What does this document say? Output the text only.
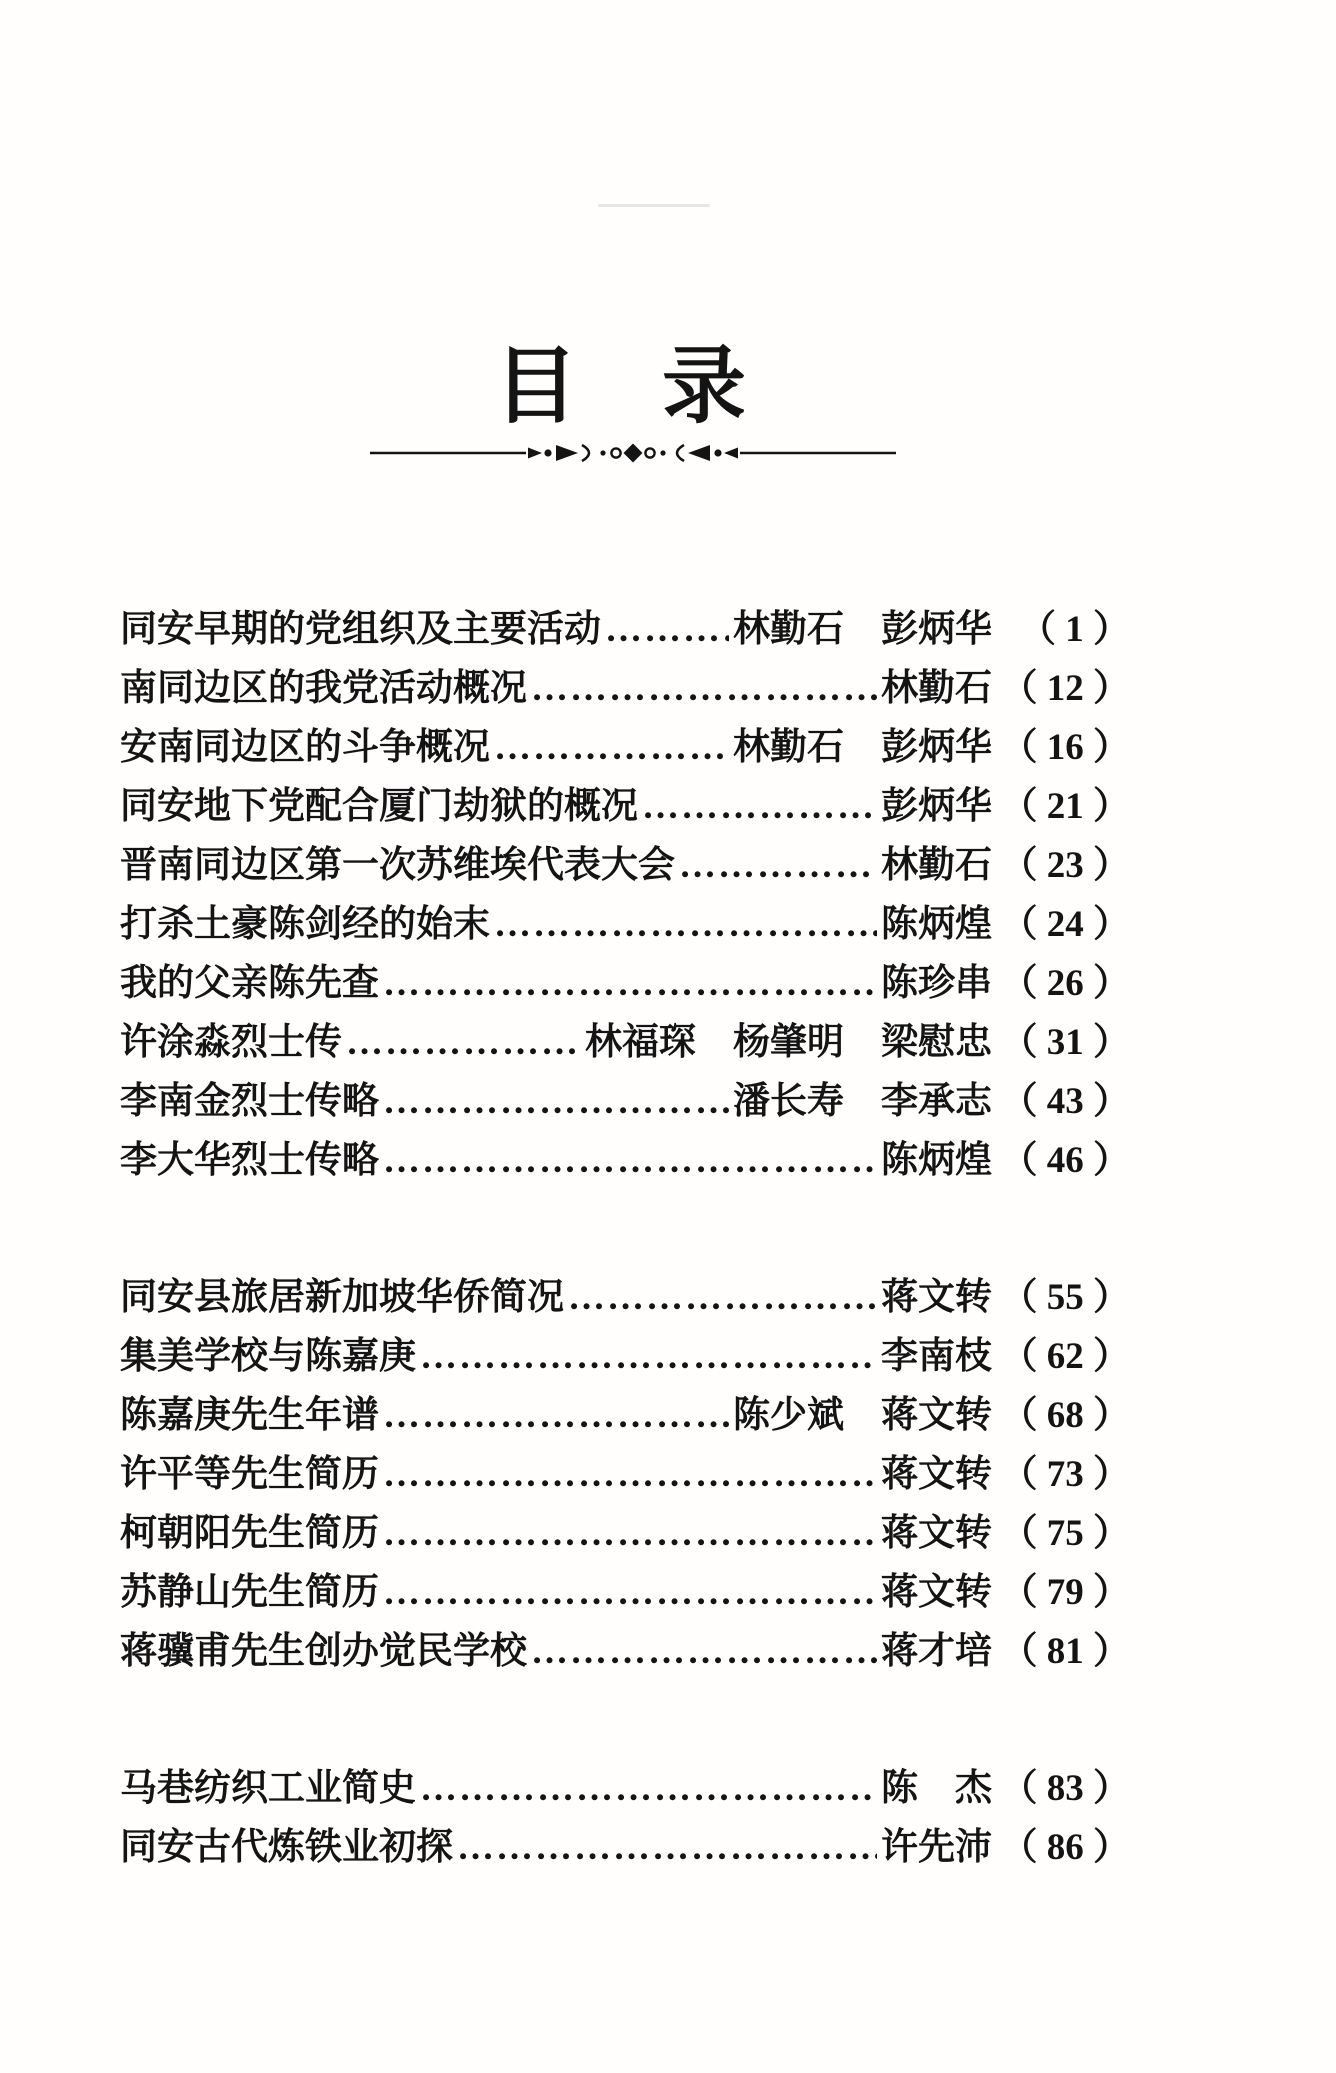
目　录
同安早期的党组织及主要活动 ………………………………………………………………………………	林勤石　彭炳华 （ 1 ）
南同边区的我党活动概况 ………………………………………………………………………………	林勤石 （ 12 ）
安南同边区的斗争概况 ………………………………………………………………………………	林勤石　彭炳华 （ 16 ）
同安地下党配合厦门劫狱的概况 ………………………………………………………………………………	彭炳华 （ 21 ）
晋南同边区第一次苏维埃代表大会 ………………………………………………………………………………	林勤石 （ 23 ）
打杀土豪陈剑经的始末 ………………………………………………………………………………	陈炳煌 （ 24 ）
我的父亲陈先查 ………………………………………………………………………………	陈珍串 （ 26 ）
许涂淼烈士传 ………………………………………………………………………………	林福琛　杨肇明　梁慰忠 （ 31 ）
李南金烈士传略 ………………………………………………………………………………	潘长寿　李承志 （ 43 ）
李大华烈士传略 ………………………………………………………………………………	陈炳煌 （ 46 ）
同安县旅居新加坡华侨简况 ………………………………………………………………………………	蒋文转 （ 55 ）
集美学校与陈嘉庚 ………………………………………………………………………………	李南枝 （ 62 ）
陈嘉庚先生年谱 ………………………………………………………………………………	陈少斌　蒋文转 （ 68 ）
许平等先生简历 ………………………………………………………………………………	蒋文转 （ 73 ）
柯朝阳先生简历 ………………………………………………………………………………	蒋文转 （ 75 ）
苏静山先生简历 ………………………………………………………………………………	蒋文转 （ 79 ）
蒋骥甫先生创办觉民学校 ………………………………………………………………………………	蒋才培 （ 81 ）
马巷纺织工业简史 ………………………………………………………………………………	陈　杰 （ 83 ）
同安古代炼铁业初探 ………………………………………………………………………………	许先沛 （ 86 ）
